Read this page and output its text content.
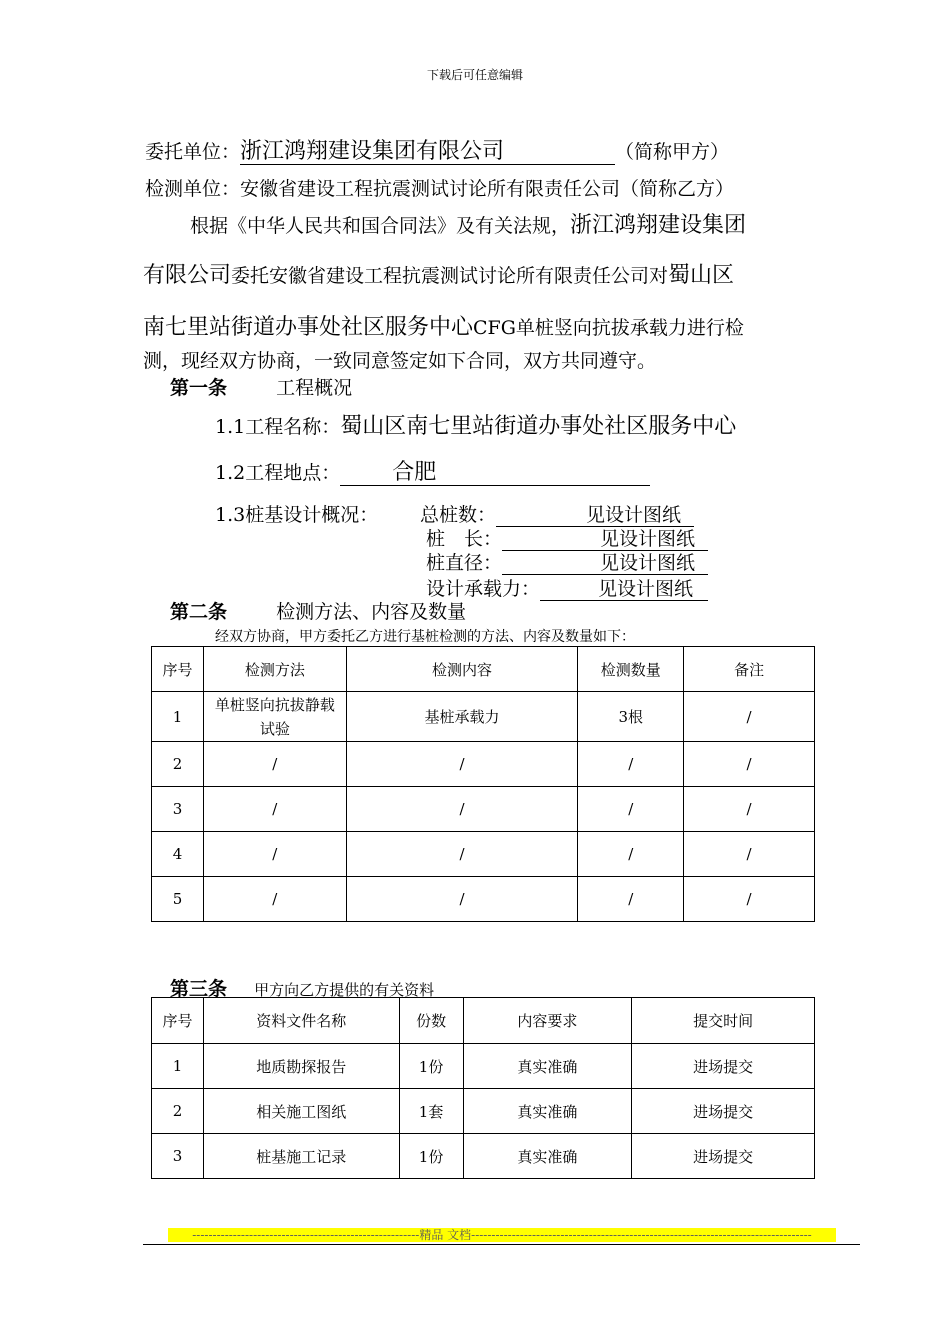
下载后可任意编辑
委托单位：浙江鸿翔建设集团有限公司	（简称甲方）
检测单位：安徽省建设工程抗震测试讨论所有限责任公司（简称乙方）
根据《中华人民共和国合同法》及有关法规，浙江鸿翔建设集团
有限公司委托安徽省建设工程抗震测试讨论所有限责任公司对蜀山区
南七里站街道办事处社区服务中心CFG单桩竖向抗拔承载力进行检
测，现经双方协商，一致同意签定如下合同，双方共同遵守。
第一条	工程概况
1.1工程名称：蜀山区南七里站街道办事处社区服务中心
1.2工程地点： 合肥
1.3桩基设计概况： 总桩数：	见设计图纸
桩　长：	见设计图纸
桩直径：	见设计图纸
设计承载力：	见设计图纸
第二条	检测方法、内容及数量
经双方协商，甲方委托乙方进行基桩检测的方法、内容及数量如下：
序号	检测方法	检测内容	检测数量	备注
1	单桩竖向抗拔静载试验	基桩承载力	3根	/
2	/	/	/	/
3	/	/	/	/
4	/	/	/	/
5	/	/	/	/
第三条 甲方向乙方提供的有关资料
序号	资料文件名称	份数	内容要求	提交时间
1	地质勘探报告	1份	真实准确	进场提交
2	相关施工图纸	1套	真实准确	进场提交
3	桩基施工记录	1份	真实准确	进场提交
--------------------------------------------------------精品 文档------------------------------------------------------------------------------------
